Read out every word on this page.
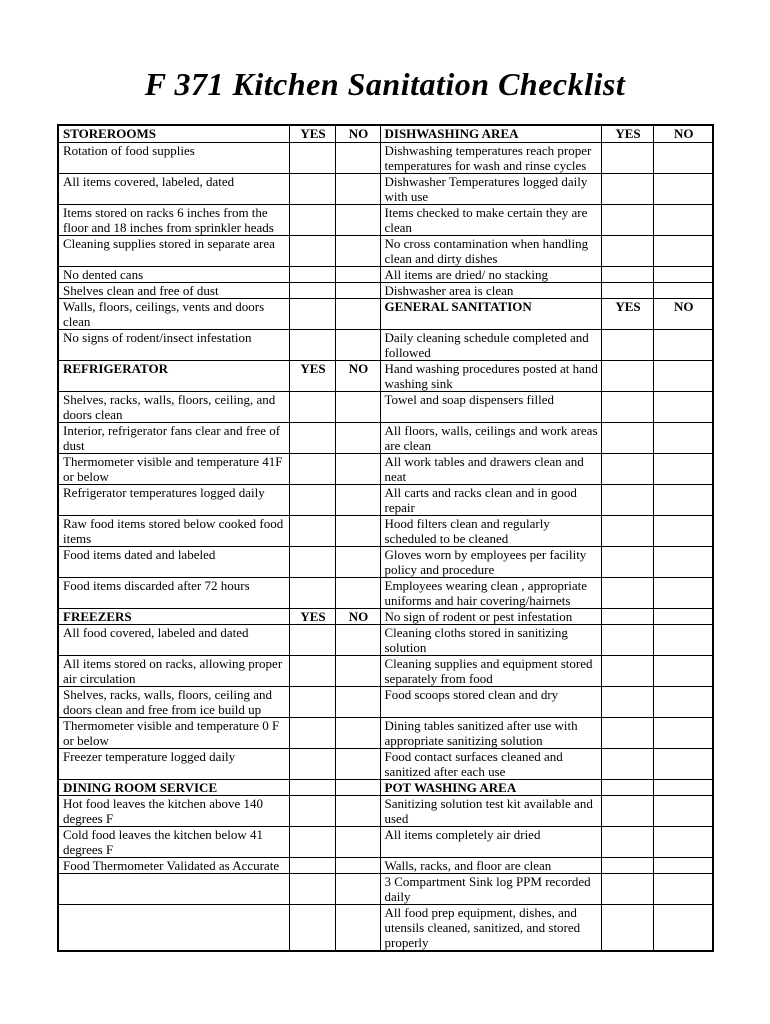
F 371 Kitchen Sanitation Checklist
STOREROOMS	YES	NO	DISHWASHING AREA	YES	NO
Rotation of food supplies			Dishwashing temperatures reach proper temperatures for wash and rinse cycles		
All items covered, labeled, dated			Dishwasher Temperatures logged daily with use		
Items stored on racks 6 inches from the floor and 18 inches from sprinkler heads			Items checked to make certain they are clean		
Cleaning supplies stored in separate area			No cross contamination when handling clean and dirty dishes		
No dented cans			All items are dried/ no stacking		
Shelves clean and free of dust			Dishwasher area is clean		
Walls, floors, ceilings, vents and doors clean			GENERAL SANITATION	YES	NO
No signs of rodent/insect infestation			Daily cleaning schedule completed and followed		
REFRIGERATOR	YES	NO	Hand washing procedures posted at hand washing sink		
Shelves, racks, walls, floors, ceiling, and doors clean			Towel and soap dispensers filled		
Interior, refrigerator fans clear and free of dust			All floors, walls, ceilings and work areas are clean		
Thermometer visible and temperature 41F or below			All work tables and drawers clean and neat		
Refrigerator temperatures logged daily			All carts and racks clean and in good repair		
Raw food items stored below cooked food items			Hood filters clean and regularly scheduled to be cleaned		
Food items dated and labeled			Gloves worn by employees per facility policy and procedure		
Food items discarded after 72 hours			Employees wearing clean , appropriate uniforms and hair covering/hairnets		
FREEZERS	YES	NO	No sign of rodent or pest infestation		
All food covered, labeled and dated			Cleaning cloths stored in sanitizing solution		
All items stored on racks, allowing proper air circulation			Cleaning supplies and equipment stored separately from food		
Shelves, racks, walls, floors, ceiling and doors clean and free from ice build up			Food scoops stored clean and dry		
Thermometer visible and temperature 0 F or below			Dining tables sanitized after use with appropriate sanitizing solution		
Freezer temperature logged daily			Food contact surfaces cleaned and sanitized after each use		
DINING ROOM SERVICE			POT WASHING AREA		
Hot food leaves the kitchen above 140 degrees F			Sanitizing solution test kit available and used		
Cold food leaves the kitchen below 41 degrees F			All items completely air dried		
Food Thermometer Validated as Accurate			Walls, racks, and floor are clean		
			3 Compartment Sink log PPM recorded daily		
			All food prep equipment, dishes, and utensils cleaned, sanitized, and stored properly		
